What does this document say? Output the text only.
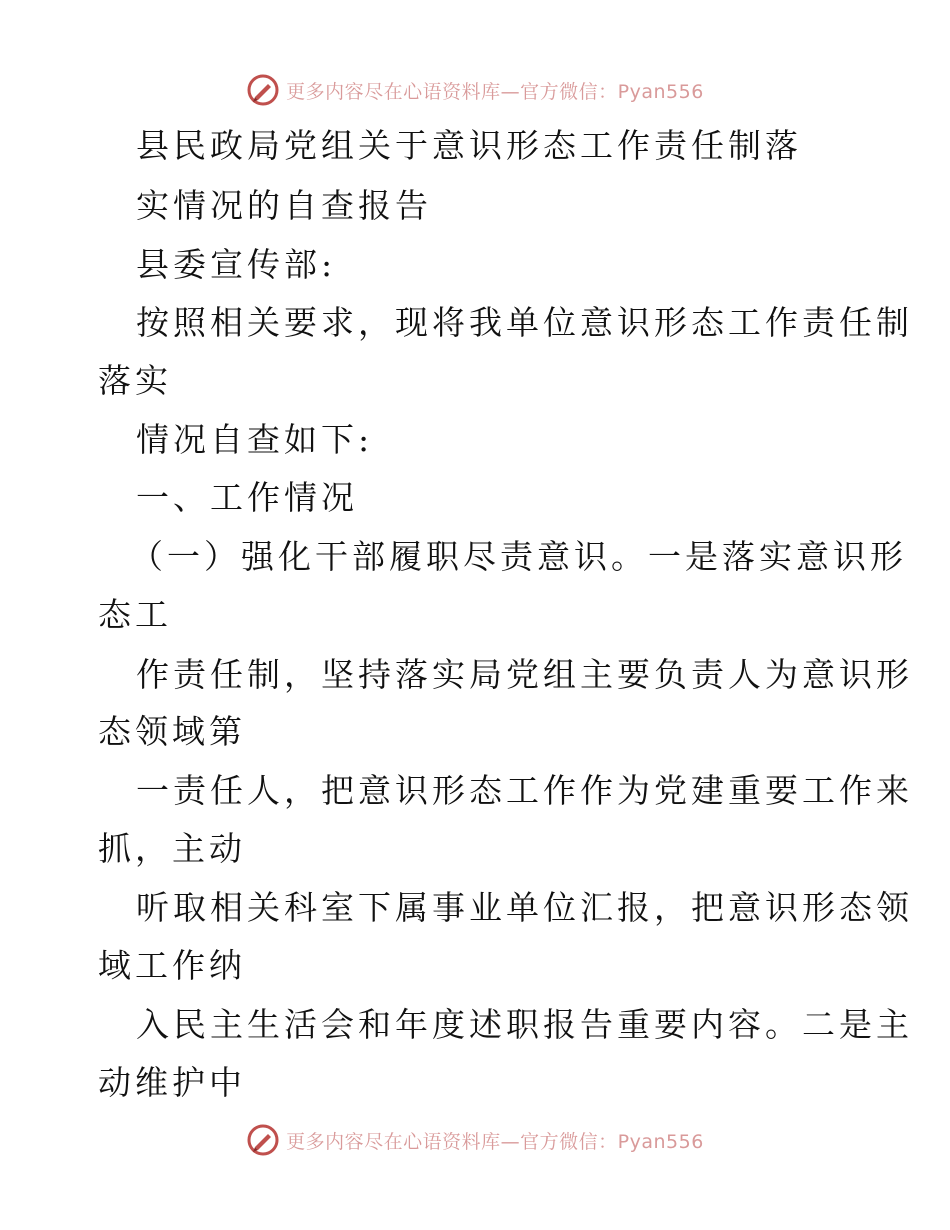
更多内容尽在心语资料库—官方微信：Pyan556
县民政局党组关于意识形态工作责任制落
实情况的自查报告
县委宣传部:
按照相关要求，现将我单位意识形态工作责任制
落实
情况自查如下:
一、工作情况
（一）强化干部履职尽责意识。一是落实意识形
态工
作责任制，坚持落实局党组主要负责人为意识形
态领域第
一责任人，把意识形态工作作为党建重要工作来
抓，主动
听取相关科室下属事业单位汇报，把意识形态领
域工作纳
入民主生活会和年度述职报告重要内容。二是主
动维护中
更多内容尽在心语资料库—官方微信：Pyan556
